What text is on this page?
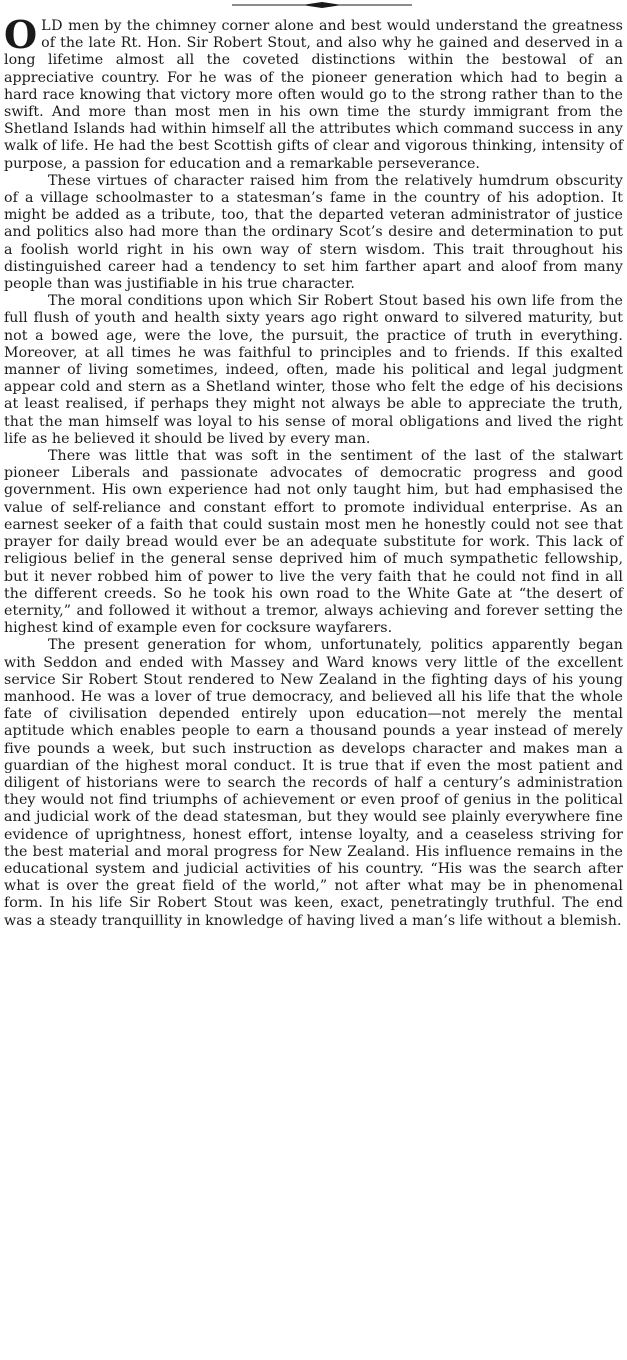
OLD men by the chimney corner alone and best would understand the greatness of the late Rt. Hon. Sir Robert Stout, and also why he gained and deserved in a long lifetime almost all the coveted distinctions within the bestowal of an appreciative country. For he was of the pioneer generation which had to begin a hard race knowing that victory more often would go to the strong rather than to the swift. And more than most men in his own time the sturdy immigrant from the Shetland Islands had within himself all the attributes which command success in any walk of life. He had the best Scottish gifts of clear and vigorous thinking, intensity of purpose, a passion for education and a remarkable perseverance.

These virtues of character raised him from the relatively humdrum obscurity of a village schoolmaster to a statesman’s fame in the country of his adoption. It might be added as a tribute, too, that the departed veteran administrator of justice and politics also had more than the ordinary Scot’s desire and determination to put a foolish world right in his own way of stern wisdom. This trait throughout his distinguished career had a tendency to set him farther apart and aloof from many people than was justifiable in his true character.

The moral conditions upon which Sir Robert Stout based his own life from the full flush of youth and health sixty years ago right onward to silvered maturity, but not a bowed age, were the love, the pursuit, the practice of truth in everything. Moreover, at all times he was faithful to principles and to friends. If this exalted manner of living sometimes, indeed, often, made his political and legal judgment appear cold and stern as a Shetland winter, those who felt the edge of his decisions at least realised, if perhaps they might not always be able to appreciate the truth, that the man himself was loyal to his sense of moral obligations and lived the right life as he believed it should be lived by every man.

There was little that was soft in the sentiment of the last of the stalwart pioneer Liberals and passionate advocates of democratic progress and good government. His own experience had not only taught him, but had emphasised the value of self-reliance and constant effort to promote individual enterprise. As an earnest seeker of a faith that could sustain most men he honestly could not see that prayer for daily bread would ever be an adequate substitute for work. This lack of religious belief in the general sense deprived him of much sympathetic fellowship, but it never robbed him of power to live the very faith that he could not find in all the different creeds. So he took his own road to the White Gate at “the desert of eternity,” and followed it without a tremor, always achieving and forever setting the highest kind of example even for cocksure wayfarers.

The present generation for whom, unfortunately, politics apparently began with Seddon and ended with Massey and Ward knows very little of the excellent service Sir Robert Stout rendered to New Zealand in the fighting days of his young manhood. He was a lover of true democracy, and believed all his life that the whole fate of civilisation depended entirely upon education—not merely the mental aptitude which enables people to earn a thousand pounds a year instead of merely five pounds a week, but such instruction as develops character and makes man a guardian of the highest moral conduct. It is true that if even the most patient and diligent of historians were to search the records of half a century’s administration they would not find triumphs of achievement or even proof of genius in the political and judicial work of the dead statesman, but they would see plainly everywhere fine evidence of uprightness, honest effort, intense loyalty, and a ceaseless striving for the best material and moral progress for New Zealand. His influence remains in the educational system and judicial activities of his country. “His was the search after what is over the great field of the world,” not after what may be in phenomenal form. In his life Sir Robert Stout was keen, exact, penetratingly truthful. The end was a steady tranquillity in knowledge of having lived a man’s life without a blemish.
